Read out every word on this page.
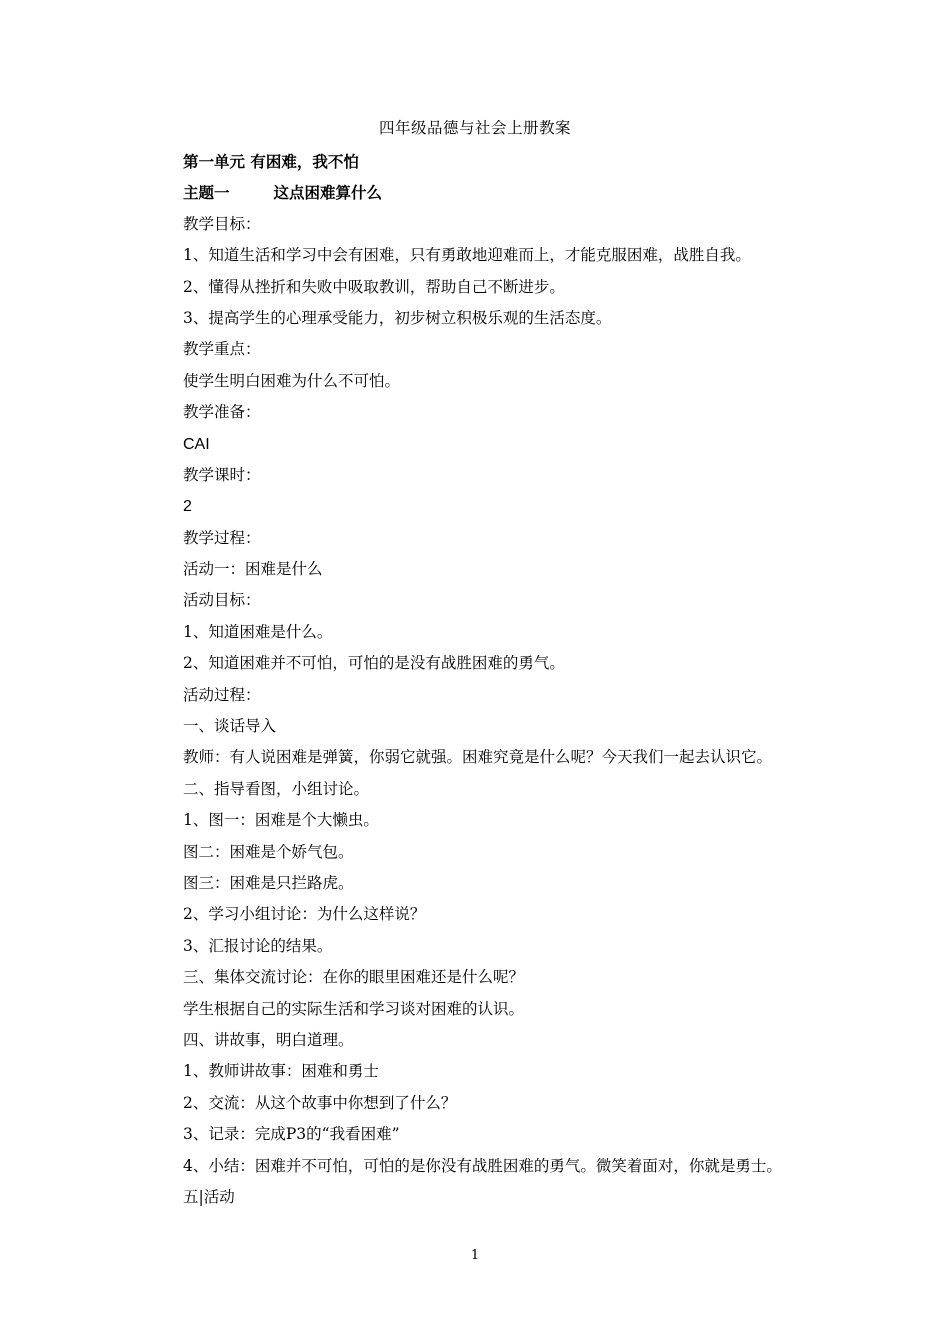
四年级品德与社会上册教案
第一单元 有困难，我不怕
主题一	这点困难算什么
教学目标：
1、知道生活和学习中会有困难，只有勇敢地迎难而上，才能克服困难，战胜自我。
2、懂得从挫折和失败中吸取教训，帮助自己不断进步。
3、提高学生的心理承受能力，初步树立积极乐观的生活态度。
教学重点：
使学生明白困难为什么不可怕。
教学准备：
CAI
教学课时：
2
教学过程：
活动一：困难是什么
活动目标：
1、知道困难是什么。
2、知道困难并不可怕，可怕的是没有战胜困难的勇气。
活动过程：
一、谈话导入
教师：有人说困难是弹簧，你弱它就强。困难究竟是什么呢？今天我们一起去认识它。
二、指导看图，小组讨论。
1、图一：困难是个大懒虫。
图二：困难是个娇气包。
图三：困难是只拦路虎。
2、学习小组讨论：为什么这样说？
3、汇报讨论的结果。
三、集体交流讨论：在你的眼里困难还是什么呢？
学生根据自己的实际生活和学习谈对困难的认识。
四、讲故事，明白道理。
1、教师讲故事：困难和勇士
2、交流：从这个故事中你想到了什么？
3、记录：完成P3的“我看困难”
4、小结：困难并不可怕，可怕的是你没有战胜困难的勇气。微笑着面对，你就是勇士。
五|活动
1
